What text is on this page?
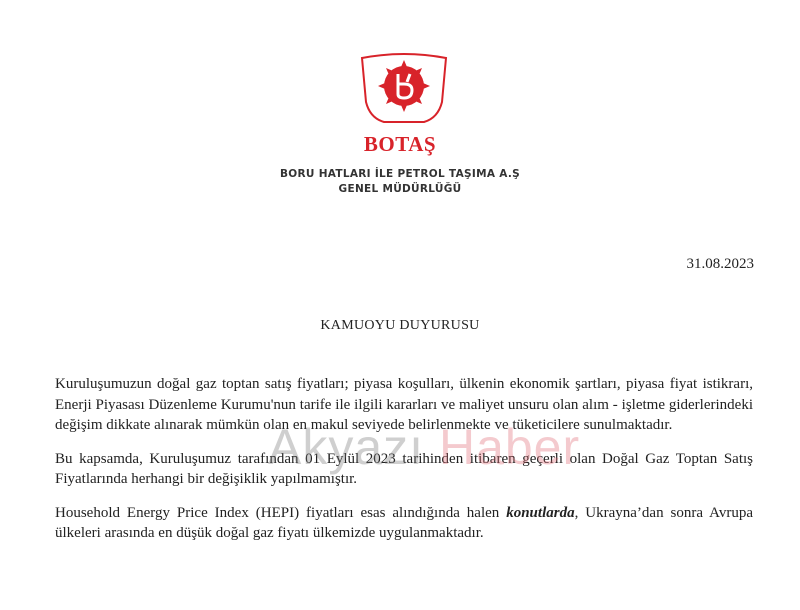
BOTAŞ
BORU HATLARI İLE PETROL TAŞIMA A.Ş
GENEL MÜDÜRLÜĞÜ
31.08.2023
KAMUOYU DUYURUSU

Kuruluşumuzun doğal gaz toptan satış fiyatları; piyasa koşulları, ülkenin ekonomik şartları, piyasa fiyat istikrarı, Enerji Piyasası Düzenleme Kurumu'nun tarife ile ilgili kararları ve maliyet unsuru olan alım - işletme giderlerindeki değişim dikkate alınarak mümkün olan en makul seviyede belirlenmekte ve tüketicilere sunulmaktadır.

Bu kapsamda, Kuruluşumuz tarafından 01 Eylül 2023 tarihinden itibaren geçerli olan Doğal Gaz Toptan Satış Fiyatlarında herhangi bir değişiklik yapılmamıştır.

Household Energy Price Index (HEPI) fiyatları esas alındığında halen konutlarda, Ukrayna’dan sonra Avrupa ülkeleri arasında en düşük doğal gaz fiyatı ülkemizde uygulanmaktadır.

Akyazı Haber
